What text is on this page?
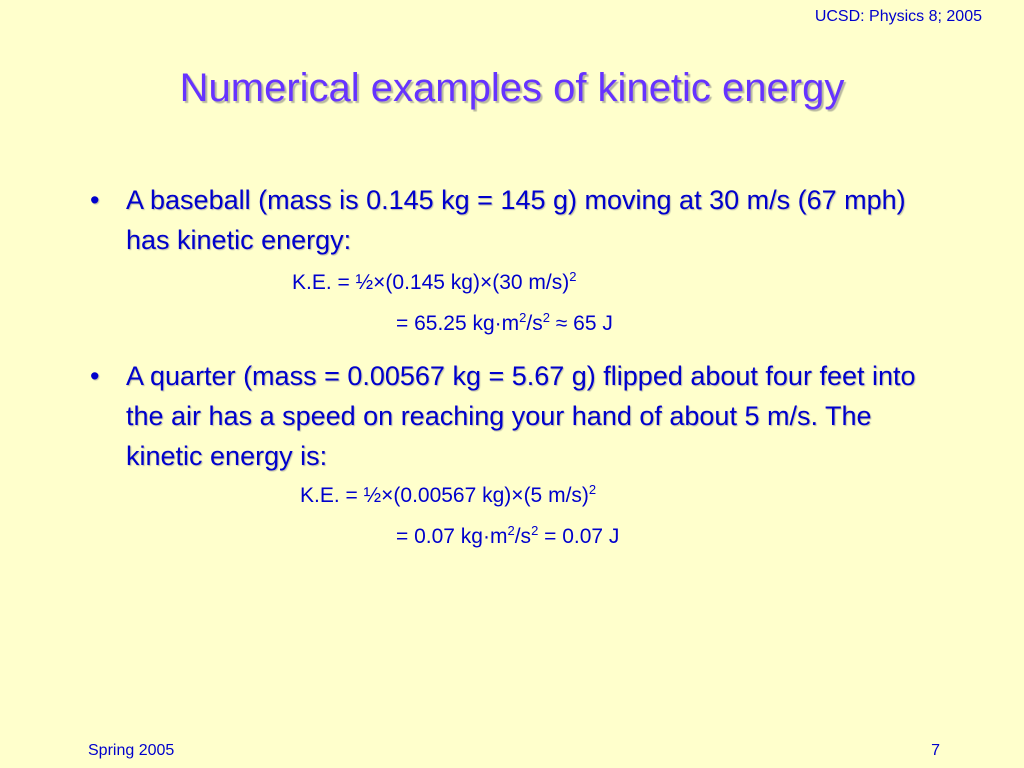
UCSD: Physics 8; 2005
Numerical examples of kinetic energy
• A baseball (mass is 0.145 kg = 145 g) moving at 30 m/s (67 mph) has kinetic energy:
• A quarter (mass = 0.00567 kg = 5.67 g) flipped about four feet into the air has a speed on reaching your hand of about 5 m/s. The kinetic energy is:
K.E. = ½×(0.145 kg)×(30 m/s)$^2$
= 65.25 $kg\cdot m^2/s^2 \approx 65$ J
K.E. = ½×(0.00567 kg)×(5 m/s)$^2$
= 0.07 $kg\cdot m^2/s^2 = 0.07$ J
Spring 2005	7
